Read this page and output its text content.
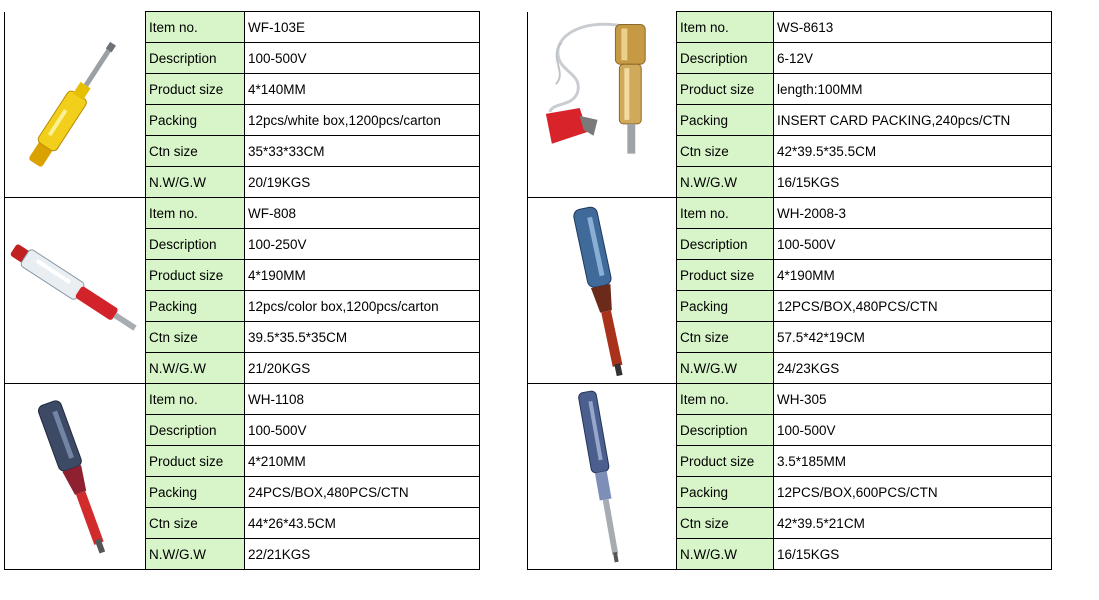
	Item no.	WF-103E
	Description	100-500V
	Product size	4*140MM
	Packing	12pcs/white box,1200pcs/carton
	Ctn size	35*33*33CM
	N.W/G.W	20/19KGS

	Item no.	WF-808
	Description	100-250V
	Product size	4*190MM
	Packing	12pcs/color box,1200pcs/carton
	Ctn size	39.5*35.5*35CM
	N.W/G.W	21/20KGS

	Item no.	WH-1108
	Description	100-500V
	Product size	4*210MM
	Packing	24PCS/BOX,480PCS/CTN
	Ctn size	44*26*43.5CM
	N.W/G.W	22/21KGS
	Item no.	WS-8613
	Description	6-12V
	Product size	length:100MM
	Packing	INSERT CARD PACKING,240pcs/CTN
	Ctn size	42*39.5*35.5CM
	N.W/G.W	16/15KGS

	Item no.	WH-2008-3
	Description	100-500V
	Product size	4*190MM
	Packing	12PCS/BOX,480PCS/CTN
	Ctn size	57.5*42*19CM
	N.W/G.W	24/23KGS

	Item no.	WH-305
	Description	100-500V
	Product size	3.5*185MM
	Packing	12PCS/BOX,600PCS/CTN
	Ctn size	42*39.5*21CM
	N.W/G.W	16/15KGS
